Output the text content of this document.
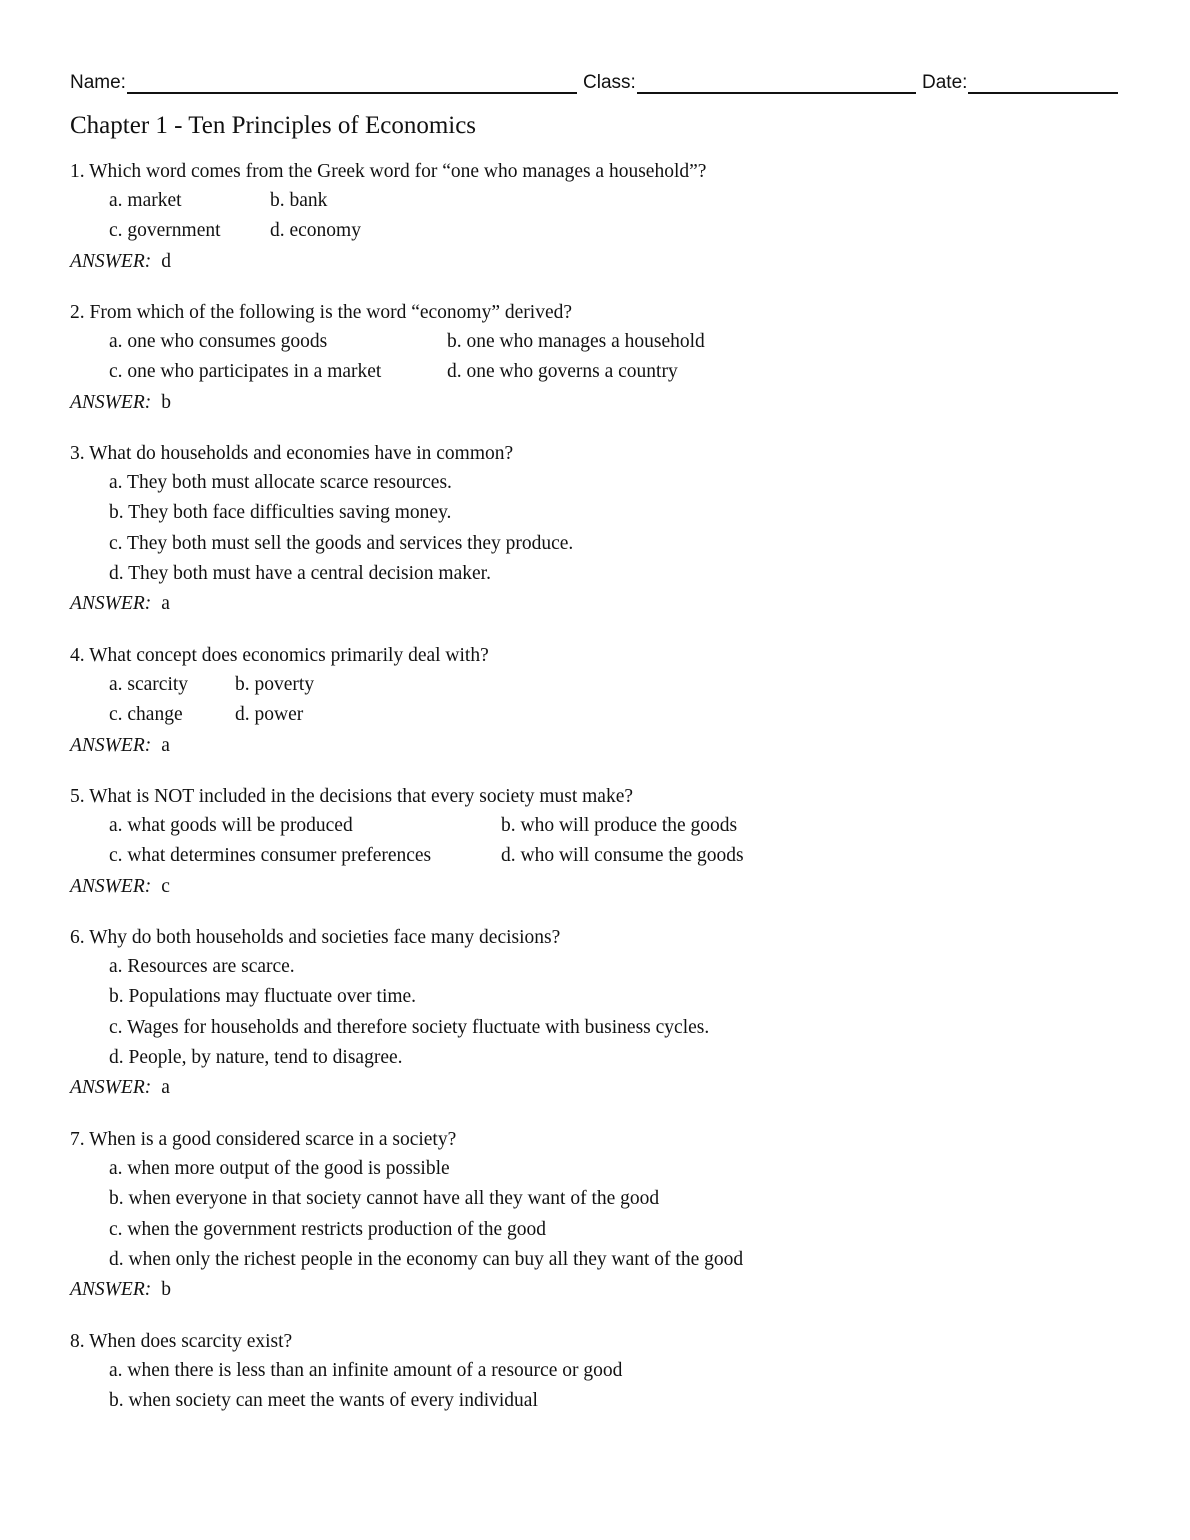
Name:	Class:	Date:
Chapter 1 - Ten Principles of Economics
1. Which word comes from the Greek word for “one who manages a household”?
a. market	b. bank
c. government	d. economy
ANSWER: d
2. From which of the following is the word “economy” derived?
a. one who consumes goods	b. one who manages a household
c. one who participates in a market	d. one who governs a country
ANSWER: b
3. What do households and economies have in common?
a. They both must allocate scarce resources.
b. They both face difficulties saving money.
c. They both must sell the goods and services they produce.
d. They both must have a central decision maker.
ANSWER: a
4. What concept does economics primarily deal with?
a. scarcity	b. poverty
c. change	d. power
ANSWER: a
5. What is NOT included in the decisions that every society must make?
a. what goods will be produced	b. who will produce the goods
c. what determines consumer preferences	d. who will consume the goods
ANSWER: c
6. Why do both households and societies face many decisions?
a. Resources are scarce.
b. Populations may fluctuate over time.
c. Wages for households and therefore society fluctuate with business cycles.
d. People, by nature, tend to disagree.
ANSWER: a
7. When is a good considered scarce in a society?
a. when more output of the good is possible
b. when everyone in that society cannot have all they want of the good
c. when the government restricts production of the good
d. when only the richest people in the economy can buy all they want of the good
ANSWER: b
8. When does scarcity exist?
a. when there is less than an infinite amount of a resource or good
b. when society can meet the wants of every individual
